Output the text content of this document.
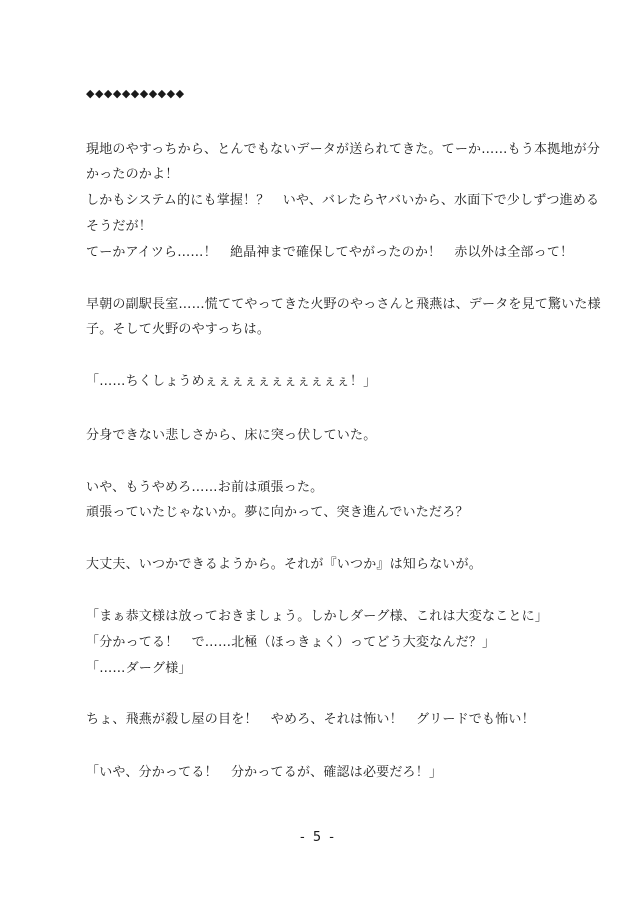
◆◆◆◆◆◆◆◆◆◆◆
現地のやすっちから、とんでもないデータが送られてきた。てーか……もう本拠地が分
かったのかよ！
しかもシステム的にも掌握！？　いや、バレたらヤバいから、水面下で少しずつ進める
そうだが！
てーかアイツら……！　絶晶神まで確保してやがったのか！　赤以外は全部って！
早朝の副駅長室……慌ててやってきた火野のやっさんと飛燕は、データを見て驚いた様
子。そして火野のやすっちは。
「……ちくしょうめぇぇぇぇぇぇぇぇぇぇぇ！」
分身できない悲しさから、床に突っ伏していた。
いや、もうやめろ……お前は頑張った。
頑張っていたじゃないか。夢に向かって、突き進んでいただろ？
大丈夫、いつかできるようから。それが『いつか』は知らないが。
「まぁ恭文様は放っておきましょう。しかしダーグ様、これは大変なことに」
「分かってる！　で……北極（ほっきょく）ってどう大変なんだ？」
「……ダーグ様」
ちょ、飛燕が殺し屋の目を！　やめろ、それは怖い！　グリードでも怖い！
「いや、分かってる！　分かってるが、確認は必要だろ！」
- 5 -
